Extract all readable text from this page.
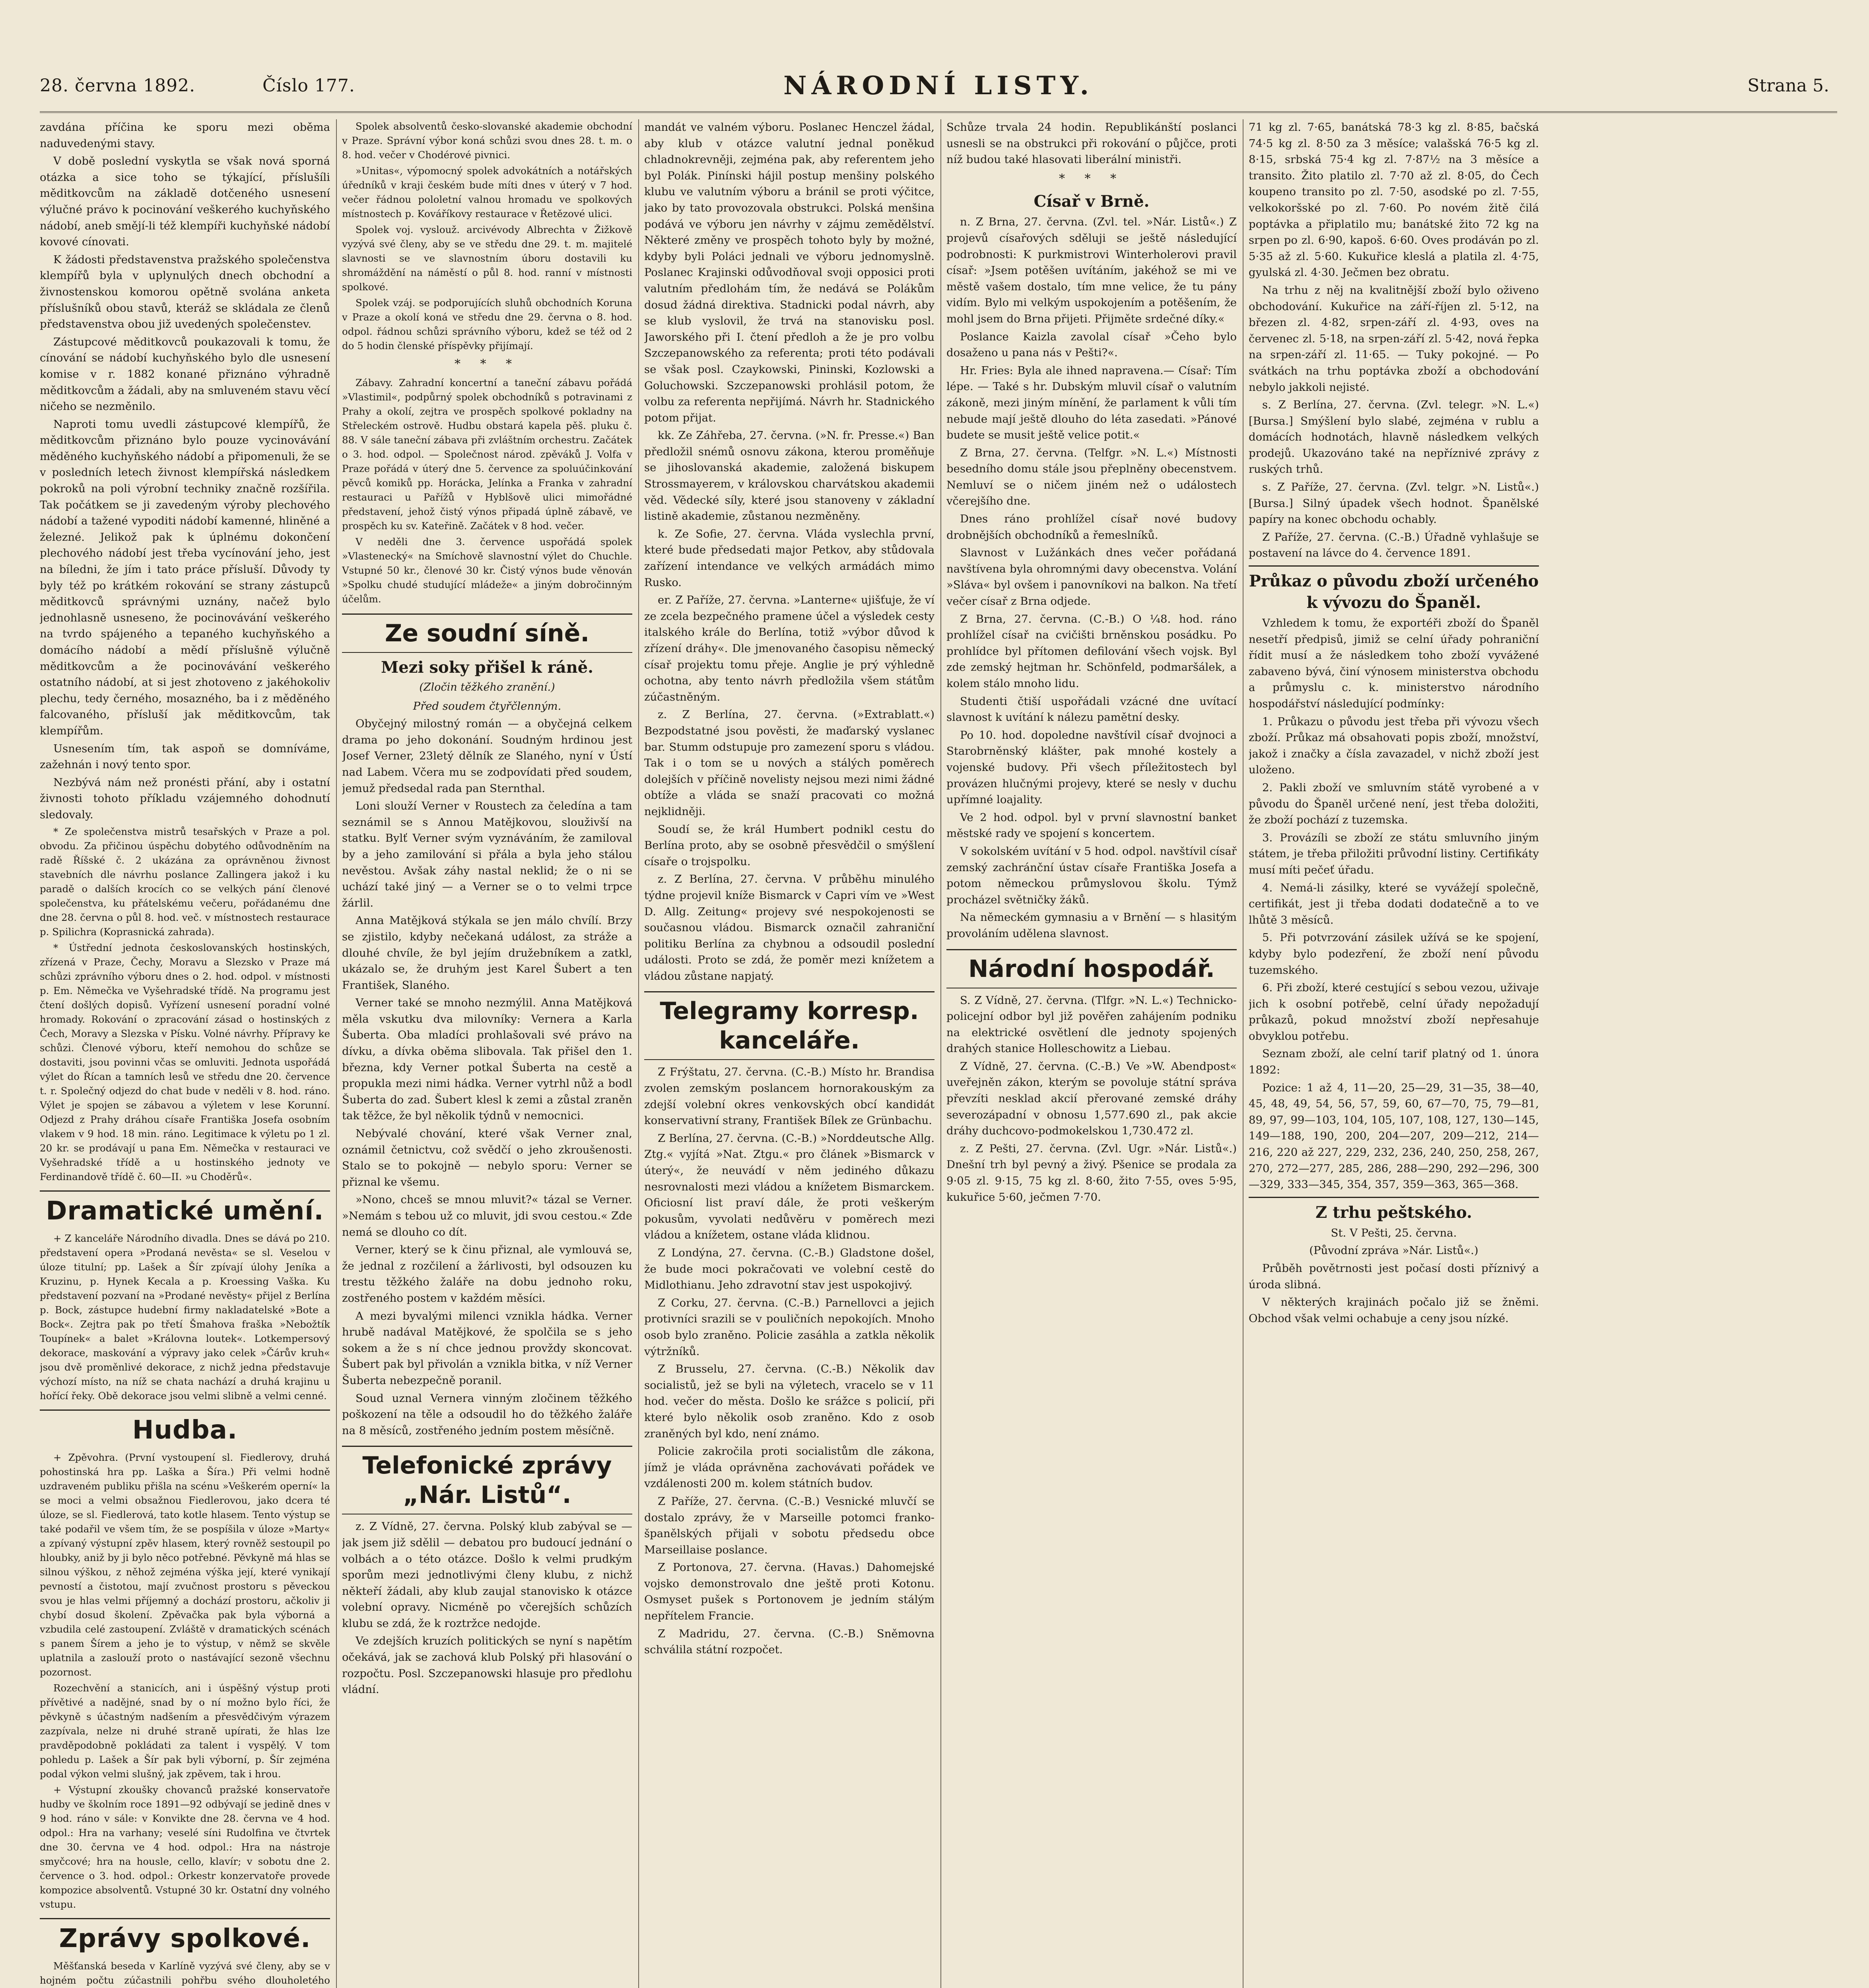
28. června 1892.	Číslo 177.	NÁRODNÍ LISTY.	Strana 5.

zavdána příčina ke sporu mezi oběma naduvedenými stavy.

V době poslední vyskytla se však nová sporná otázka a sice toho se týkající, příslušíli měditkovcům na základě dotčeného usnesení výlučné právo k pocinování veškerého kuchyňského nádobí, aneb smějí-li též klempíři kuchyňské nádobí kovové cínovati.

K žádosti představenstva pražského společenstva klempířů byla v uplynulých dnech obchodní a živnostenskou komorou opětně svolána anketa příslušníků obou stavů, kteráž se skládala ze členů představenstva obou již uvedených společenstev.

Zástupcové měditkovců poukazovali k tomu, že cínování se nádobí kuchyňského bylo dle usnesení komise v r. 1882 konané přiznáno výhradně měditkovcům a žádali, aby na smluveném stavu věcí ničeho se nezměnilo.

Naproti tomu uvedli zástupcové klempířů, že měditkovcům přiznáno bylo pouze vycinovávání měděného kuchyňského nádobí a připomenuli, že se v posledních letech živnost klempířská následkem pokroků na poli výrobní techniky značně rozšířila. Tak počátkem se ji zavedeným výroby plechového nádobí a tažené vypoditi nádobí kamenné, hliněné a železné. Jelikož pak k úplnému dokončení plechového nádobí jest třeba vycínování jeho, jest na bíledni, že jím i tato práce přísluší. Důvody ty byly též po krátkém rokování se strany zástupců měditkovců správnými uznány, načež bylo jednohlasně usneseno, že pocinovávání veškerého na tvrdo spájeného a tepaného kuchyňského a domácího nádobí a mědí příslušně výlučně měditkovcům a že pocinovávání veškerého ostatního nádobí, at si jest zhotoveno z jakéhokoliv plechu, tedy černého, mosazného, ba i z měděného falcovaného, přísluší jak měditkovcům, tak klempířům.

Usnesením tím, tak aspoň se domníváme, zažehnán i nový tento spor.

Nezbývá nám než pronésti přání, aby i ostatní živnosti tohoto příkladu vzájemného dohodnutí sledovaly.

* Ze společenstva mistrů tesařských v Praze a pol. obvodu. Za přičinou úspěchu dobytého odůvodněním na radě Říšské č. 2 ukázána za oprávněnou živnost stavebních dle návrhu poslance Zallingera jakož i ku paradě o dalších krocích co se velkých pání členové společenstva, ku přátelskému večeru, pořádanému dne dne 28. června o půl 8. hod. več. v místnostech restaurace p. Spilichra (Koprasnická zahrada).

* Ústřední jednota českoslovanských hostinských, zřízená v Praze, Čechy, Moravu a Slezsko v Praze má schůzi zprávního výboru dnes o 2. hod. odpol. v místnosti p. Em. Němečka ve Vyšehradské třídě. Na programu jest čtení došlých dopisů. Vyřízení usnesení poradní volné hromady. Rokování o zpracování zásad o hostinských z Čech, Moravy a Slezska v Písku. Volné návrhy. Přípravy ke schůzi. Členové výboru, kteří nemohou do schůze se dostaviti, jsou povinni včas se omluviti. Jednota uspořádá výlet do Řícan a tamních lesů ve středu dne 20. července t. r. Společný odjezd do chat bude v neděli v 8. hod. ráno. Výlet je spojen se zábavou a výletem v lese Korunní. Odjezd z Prahy dráhou císaře Františka Josefa osobním vlakem v 9 hod. 18 min. ráno. Legitimace k výletu po 1 zl. 20 kr. se prodávají u pana Em. Němečka v restauraci ve Vyšehradské třídě a u hostinského jednoty ve Ferdinandově třídě č. 60—II. »u Choděrů«.

Dramatické umění.

+ Z kanceláře Národního divadla. Dnes se dává po 210. představení opera »Prodaná nevěsta« se sl. Veselou v úloze titulní; pp. Lašek a Šír zpívají úlohy Jeníka a Kruzinu, p. Hynek Kecala a p. Kroessing Vaška. Ku představení pozvaní na »Prodané nevěsty« přijel z Berlína p. Bock, zástupce hudební firmy nakladatelské »Bote a Bock«. Zejtra pak po třetí Šmahova fraška »Nebožtík Toupínek« a balet »Královna loutek«. Lotkempersový dekorace, maskování a výpravy jako celek »Čárův kruh« jsou dvě proměnlivé dekorace, z nichž jedna představuje výchozí místo, na níž se chata nachází a druhá krajinu u hořící řeky. Obě dekorace jsou velmi slibně a velmi cenné.

Hudba.

+ Zpěvohra. (První vystoupení sl. Fiedlerovy, druhá pohostinská hra pp. Laška a Šíra.) Při velmi hodně uzdraveném publiku přišla na scénu »Veškerém operní« la se moci a velmi obsažnou Fiedlerovou, jako dcera té úloze, se sl. Fiedlerová, tato kotle hlasem. Tento výstup se také podařil ve všem tím, že se pospíšila v úloze »Marty« a zpívaný výstupní zpěv hlasem, který rovněž sestoupil po hloubky, aniž by ji bylo něco potřebné. Pěvkyně má hlas se silnou výškou, z něhož zejména výška její, které vynikají pevností a čistotou, mají zvučnost prostoru s pěveckou svou je hlas velmi příjemný a dochází prostoru, ačkoliv ji chybí dosud školení. Zpěvačka pak byla výborná a vzbudila celé zastoupení. Zvláště v dramatických scénách s panem Šírem a jeho je to výstup, v němž se skvěle uplatnila a zaslouží proto o nastávající sezoně všechnu pozornost.

Rozechvění a stanicích, ani i úspěšný výstup proti přívětivé a nadějné, snad by o ní možno bylo říci, že pěvkyně s účastným nadšením a přesvědčivým výrazem zazpívala, nelze ni druhé straně upírati, že hlas lze pravděpodobně pokládati za talent i vyspělý. V tom pohledu p. Lašek a Šír pak byli výborní, p. Šír zejména podal výkon velmi slušný, jak zpěvem, tak i hrou.

+ Výstupní zkoušky chovanců pražské konservatoře hudby ve školním roce 1891—92 odbývají se jedině dnes v 9 hod. ráno v sále: v Konvikte dne 28. června ve 4 hod. odpol.: Hra na varhany; veselé síni Rudolfina ve čtvrtek dne 30. června ve 4 hod. odpol.: Hra na nástroje smyčcové; hra na housle, cello, klavír; v sobotu dne 2. července o 3. hod. odpol.: Orkestr konzervatoře provede kompozice absolventů. Vstupné 30 kr. Ostatní dny volného vstupu.

Zprávy spolkové.

Měšťanská beseda v Karlíně vyzývá své členy, aby se v hojném počtu zúčastnili pohřbu svého dlouholetého

Spolek absolventů česko-slovanské akademie obchodní v Praze. Správní výbor koná schůzi svou dnes 28. t. m. o 8. hod. večer v Chodérové pivnici.

»Unitas«, výpomocný spolek advokátních a notářských úředníků v kraji českém bude míti dnes v úterý v 7 hod. večer řádnou pololetní valnou hromadu ve spolkových místnostech p. Kováříkovy restaurace v Řetězové ulici.

Spolek voj. vyslouž. arcivévody Albrechta v Žižkově vyzývá své členy, aby se ve středu dne 29. t. m. majitelé slavnosti se ve slavnostním úboru dostavili ku shromáždění na náměstí o půl 8. hod. ranní v místnosti spolkové.

Spolek vzáj. se podporujících sluhů obchodních Koruna v Praze a okolí koná ve středu dne 29. června o 8. hod. odpol. řádnou schůzi správního výboru, kdež se též od 2 do 5 hodin členské příspěvky přijímají.

* * *

Zábavy. Zahradní koncertní a taneční zábavu pořádá »Vlastimil«, podpůrný spolek obchodníků s potravinami z Prahy a okolí, zejtra ve prospěch spolkové pokladny na Střeleckém ostrově. Hudbu obstará kapela pěš. pluku č. 88. V sále taneční zábava při zvláštním orchestru. Začátek o 3. hod. odpol. — Společnost národ. zpěváků J. Volfa v Praze pořádá v úterý dne 5. července za spoluúčinkování pěvců komiků pp. Horácka, Jelínka a Franka v zahradní restauraci u Pařížů v Hyblšově ulici mimořádné představení, jehož čistý výnos připadá úplně zábavě, ve prospěch ku sv. Kateřině. Začátek v 8 hod. večer.

V neděli dne 3. července uspořádá spolek »Vlastenecký« na Smíchově slavnostní výlet do Chuchle. Vstupné 50 kr., členové 30 kr. Čistý výnos bude věnován »Spolku chudé studující mládeže« a jiným dobročinným účelům.

Ze soudní síně.
Mezi soky přišel k ráně.
(Zločin těžkého zranění.)

Před soudem čtyřčlenným.

Obyčejný milostný román — a obyčejná celkem drama po jeho dokonání. Soudným hrdinou jest Josef Verner, 23letý dělník ze Slaného, nyní v Ústí nad Labem. Včera mu se zodpovídati před soudem, jemuž předsedal rada pan Sternthal.

Loni slouží Verner v Roustech za čeledína a tam seznámil se s Annou Matějkovou, slouživší na statku. Bylť Verner svým vyznáváním, že zamiloval by a jeho zamilování si přála a byla jeho stálou nevěstou. Avšak záhy nastal neklid; že o ni se uchází také jiný — a Verner se o to velmi trpce žárlil.

Anna Matějková stýkala se jen málo chvílí. Brzy se zjistilo, kdyby nečekaná událost, za stráže a dlouhé chvíle, že byl jejím družebníkem a zatkl, ukázalo se, že druhým jest Karel Šubert a ten František, Slaného.

Verner také se mnoho nezmýlil. Anna Matějková měla vskutku dva milovníky: Vernera a Karla Šuberta. Oba mladíci prohlašovali své právo na dívku, a dívka oběma slibovala. Tak přišel den 1. března, kdy Verner potkal Šuberta na cestě a propukla mezi nimi hádka. Verner vytrhl nůž a bodl Šuberta do zad. Šubert klesl k zemi a zůstal zraněn tak těžce, že byl několik týdnů v nemocnici.

Nebývalé chování, které však Verner znal, oznámil četnictvu, což svědčí o jeho zkroušenosti. Stalo se to pokojně — nebylo sporu: Verner se přiznal ke všemu.

»Nono, chceš se mnou mluvit?« tázal se Verner. »Nemám s tebou už co mluvit, jdi svou cestou.« Zde nemá se dlouho co dít.

Verner, který se k činu přiznal, ale vymlouvá se, že jednal z rozčilení a žárlivosti, byl odsouzen ku trestu těžkého žaláře na dobu jednoho roku, zostřeného postem v každém měsíci.

A mezi byvalými milenci vznikla hádka. Verner hrubě nadával Matějkové, že spolčila se s jeho sokem a že s ní chce jednou provždy skoncovat. Šubert pak byl přivolán a vznikla bitka, v níž Verner Šuberta nebezpečně poranil.

Soud uznal Vernera vinným zločinem těžkého poškození na těle a odsoudil ho do těžkého žaláře na 8 měsíců, zostřeného jedním postem měsíčně.

Telefonické zprávy „Nár. Listů“.

z. Z Vídně, 27. června. Polský klub zabýval se — jak jsem již sdělil — debatou pro budoucí jednání o volbách a o této otázce. Došlo k velmi prudkým sporům mezi jednotlivými členy klubu, z nichž někteří žádali, aby klub zaujal stanovisko k otázce volební opravy. Nicméně po včerejších schůzích klubu se zdá, že k roztržce nedojde.

Ve zdejších kruzích politických se nyní s napětím očekává, jak se zachová klub Polský při hlasování o rozpočtu. Posl. Szczepanowski hlasuje pro předlohu vládní.

mandát ve valném výboru. Poslanec Henczel žádal, aby klub v otázce valutní jednal poněkud chladnokrevněji, zejména pak, aby referentem jeho byl Polák. Pinínski hájil postup menšiny polského klubu ve valutním výboru a bránil se proti výčitce, jako by tato provozovala obstrukci. Polská menšina podává ve výboru jen návrhy v zájmu zemědělství. Některé změny ve prospěch tohoto byly by možné, kdyby byli Poláci jednali ve výboru jednomyslně. Poslanec Krajinski odůvodňoval svoji opposici proti valutním předlohám tím, že nedává se Polákům dosud žádná direktiva. Stadnicki podal návrh, aby se klub vyslovil, že trvá na stanovisku posl. Jaworského při I. čtení předloh a že je pro volbu Szczepanowského za referenta; proti této podávali se však posl. Czaykowski, Pininski, Kozlowski a Goluchowski. Szczepanowski prohlásil potom, že volbu za referenta nepřijímá. Návrh hr. Stadnického potom přijat.

kk. Ze Záhřeba, 27. června. (»N. fr. Presse.«) Ban předložil snémů osnovu zákona, kterou proměňuje se jihoslovanská akademie, založená biskupem Strossmayerem, v královskou charvátskou akademii věd. Vědecké síly, které jsou stanoveny v základní listině akademie, zůstanou nezměněny.

k. Ze Sofie, 27. června. Vláda vyslechla první, které bude předsedati major Petkov, aby stůdovala zařízení intendance ve velkých armádách mimo Rusko.

er. Z Paříže, 27. června. »Lanterne« ujišťuje, že ví ze zcela bezpečného pramene účel a výsledek cesty italského krále do Berlína, totiž »výbor důvod k zřízení dráhy«. Dle jmenovaného časopisu německý císař projektu tomu přeje. Anglie je prý výhledně ochotna, aby tento návrh předložila všem státům zúčastněným.

z. Z Berlína, 27. června. (»Extrablatt.«) Bezpodstatné jsou pověsti, že maďarský vyslanec bar. Stumm odstupuje pro zamezení sporu s vládou. Tak i o tom se u nových a stálých poměrech dolejších v příčině novelisty nejsou mezi nimi žádné obtíže a vláda se snaží pracovati co možná nejklidněji.

Soudí se, že král Humbert podnikl cestu do Berlína proto, aby se osobně přesvědčil o smýšlení císaře o trojspolku.

z. Z Berlína, 27. června. V průběhu minulého týdne projevil kníže Bismarck v Capri vím ve »West D. Allg. Zeitung« projevy své nespokojenosti se současnou vládou. Bismarck označil zahraniční politiku Berlína za chybnou a odsoudil poslední události. Proto se zdá, že poměr mezi knížetem a vládou zůstane napjatý.

Telegramy korresp. kanceláře.

Z Frýštatu, 27. června. (C.-B.) Místo hr. Brandisa zvolen zemským poslancem hornorakouským za zdejší volební okres venkovských obcí kandidát konservativní strany, František Bílek ze Grünbachu.

Z Berlína, 27. června. (C.-B.) »Norddeutsche Allg. Ztg.« vyjítá »Nat. Ztgu.« pro článek »Bismarck v úterý«, že neuvádí v něm jediného důkazu nesrovnalosti mezi vládou a knížetem Bismarckem. Oficiosní list praví dále, že proti veškerým pokusům, vyvolati nedůvěru v poměrech mezi vládou a knížetem, ostane vláda klidnou.

Z Londýna, 27. června. (C.-B.) Gladstone došel, že bude moci pokračovati ve volební cestě do Midlothianu. Jeho zdravotní stav jest uspokojivý.

Z Corku, 27. června. (C.-B.) Parnellovci a jejich protivníci srazili se v pouličních nepokojích. Mnoho osob bylo zraněno. Policie zasáhla a zatkla několik výtržníků.

Z Brusselu, 27. června. (C.-B.) Několik dav socialistů, jež se byli na výletech, vracelo se v 11 hod. večer do města. Došlo ke srážce s policií, při které bylo několik osob zraněno. Kdo z osob zraněných byl kdo, není známo.

Policie zakročila proti socialistům dle zákona, jímž je vláda oprávněna zachovávati pořádek ve vzdálenosti 200 m. kolem státních budov.

Z Paříže, 27. června. (C.-B.) Vesnické mluvčí se dostalo zprávy, že v Marseille potomci franko-španělských přijali v sobotu předsedu obce Marseillaise poslance.

Z Portonova, 27. června. (Havas.) Dahomejské vojsko demonstrovalo dne ještě proti Kotonu. Osmyset pušek s Portonovem je jedním stálým nepřítelem Francie.

Z Madridu, 27. června. (C.-B.) Sněmovna schválila státní rozpočet.

Schůze trvala 24 hodin. Republikánští poslanci usnesli se na obstrukci při rokování o půjčce, proti níž budou také hlasovati liberální ministři.

* * *
Císař v Brně.

n. Z Brna, 27. června. (Zvl. tel. »Nár. Listů«.) Z projevů císařových sděluji se ještě následující podrobnosti: K purkmistrovi Winterholerovi pravil císař: »Jsem potěšen uvítáním, jakéhož se mi ve městě vašem dostalo, tím mne velice, že tu pány vidím. Bylo mi velkým uspokojením a potěšením, že mohl jsem do Brna přijeti. Přijměte srdečné díky.«

Poslance Kaizla zavolal císař »Čeho bylo dosaženo u pana nás v Pešti?«.

Hr. Fries: Byla ale ihned napravena.— Císař: Tím lépe. — Také s hr. Dubským mluvil císař o valutním zákoně, mezi jiným mínění, že parlament k vůli tím nebude mají ještě dlouho do léta zasedati. »Pánové budete se musit ještě velice potit.«

Z Brna, 27. června. (Telfgr. »N. L.«) Místnosti besedního domu stále jsou přeplněny obecenstvem. Nemluví se o ničem jiném než o událostech včerejšího dne.

Dnes ráno prohlížel císař nové budovy drobnějších obchodníků a řemeslníků.

Slavnost v Lužánkách dnes večer pořádaná navštívena byla ohromnými davy obecenstva. Volání »Sláva« byl ovšem i panovníkovi na balkon. Na třetí večer císař z Brna odjede.

Z Brna, 27. června. (C.-B.) O ¼8. hod. ráno prohlížel císař na cvičišti brněnskou posádku. Po prohlídce byl přítomen defilování všech vojsk. Byl zde zemský hejtman hr. Schönfeld, podmaršálek, a kolem stálo mnoho lidu.

Studenti čtiší uspořádali vzácné dne uvítací slavnost k uvítání k nálezu pamětní desky.

Po 10. hod. dopoledne navštívil císař dvojnoci a Starobrněnský klášter, pak mnohé kostely a vojenské budovy. Při všech příležitostech byl provázen hlučnými projevy, které se nesly v duchu upřímné loajality.

Ve 2 hod. odpol. byl v první slavnostní banket městské rady ve spojení s koncertem.

V sokolském uvítání v 5 hod. odpol. navštívil císař zemský zachránční ústav císaře Františka Josefa a potom německou průmyslovou školu. Týmž procházel světničky žáků.

Na německém gymnasiu a v Brnění — s hlasitým provoláním udělena slavnost.

Národní hospodář.

S. Z Vídně, 27. června. (Tlfgr. »N. L.«) Technicko-policejní odbor byl již pověřen zahájením podniku na elektrické osvětlení dle jednoty spojených drahých stanice Holleschowitz a Liebau.

Z Vídně, 27. června. (C.-B.) Ve »W. Abendpost« uveřejněn zákon, kterým se povoluje státní správa převzíti nesklad akcií přerované zemské dráhy severozápadní v obnosu 1,577.690 zl., pak akcie dráhy duchcovo-podmokelskou 1,730.472 zl.

z. Z Pešti, 27. června. (Zvl. Ugr. »Nár. Listů«.) Dnešní trh byl pevný a živý. Pšenice se prodala za 9·05 zl. 9·15, 75 kg zl. 8·60, žito 7·55, oves 5·95, kukuřice 5·60, ječmen 7·70.

71 kg zl. 7·65, banátská 78·3 kg zl. 8·85, bačská 74·5 kg zl. 8·50 za 3 měsíce; valašská 76·5 kg zl. 8·15, srbská 75·4 kg zl. 7·87½ na 3 měsíce a transito. Žito platilo zl. 7·70 až zl. 8·05, do Čech koupeno transito po zl. 7·50, asodské po zl. 7·55, velkokoršské po zl. 7·60. Po novém žitě čilá poptávka a připlatilo mu; banátské žito 72 kg na srpen po zl. 6·90, kapoš. 6·60. Oves prodáván po zl. 5·35 až zl. 5·60. Kukuřice kleslá a platila zl. 4·75, gyulská zl. 4·30. Ječmen bez obratu.

Na trhu z něj na kvalitnější zboží bylo oživeno obchodování. Kukuřice na září-říjen zl. 5·12, na březen zl. 4·82, srpen-září zl. 4·93, oves na červenec zl. 5·18, na srpen-září zl. 5·42, nová řepka na srpen-září zl. 11·65. — Tuky pokojné. — Po svátkách na trhu poptávka zboží a obchodování nebylo jakkoli nejisté.

s. Z Berlína, 27. června. (Zvl. telegr. »N. L.«) [Bursa.] Smýšlení bylo slabé, zejména v rublu a domácích hodnotách, hlavně následkem velkých prodejů. Ukazováno také na nepříznivé zprávy z ruských trhů.

s. Z Paříže, 27. června. (Zvl. telgr. »N. Listů«.) [Bursa.] Silný úpadek všech hodnot. Španělské papíry na konec obchodu ochably.

Z Paříže, 27. června. (C.-B.) Úřadně vyhlašuje se postavení na lávce do 4. července 1891.

Průkaz o původu zboží určeného k vývozu do Španěl.

Vzhledem k tomu, že exportéři zboží do Španěl nesetří předpisů, jimiž se celní úřady pohraniční řídit musí a že následkem toho zboží vyvážené zabaveno bývá, činí výnosem ministerstva obchodu a průmyslu c. k. ministerstvo národního hospodářství následující podmínky:

1. Průkazu o původu jest třeba při vývozu všech zboží. Průkaz má obsahovati popis zboží, množství, jakož i značky a čísla zavazadel, v nichž zboží jest uloženo.

2. Pakli zboží ve smluvním státě vyrobené a v původu do Španěl určené není, jest třeba doložiti, že zboží pochází z tuzemska.

3. Provázíli se zboží ze státu smluvního jiným státem, je třeba přiložiti průvodní listiny. Certifikáty musí míti pečeť úřadu.

4. Nemá-li zásilky, které se vyvážejí společně, certifikát, jest ji třeba dodati dodatečně a to ve lhůtě 3 měsíců.

5. Při potvrzování zásilek užívá se ke spojení, kdyby bylo podezření, že zboží není původu tuzemského.

6. Při zboží, které cestující s sebou vezou, uživaje jich k osobní potřebě, celní úřady nepožadují průkazů, pokud množství zboží nepřesahuje obvyklou potřebu.

Seznam zboží, ale celní tarif platný od 1. února 1892:

Pozice: 1 až 4, 11—20, 25—29, 31—35, 38—40, 45, 48, 49, 54, 56, 57, 59, 60, 67—70, 75, 79—81, 89, 97, 99—103, 104, 105, 107, 108, 127, 130—145, 149—188, 190, 200, 204—207, 209—212, 214—216, 220 až 227, 229, 232, 236, 240, 250, 258, 267, 270, 272—277, 285, 286, 288—290, 292—296, 300—329, 333—345, 354, 357, 359—363, 365—368.

Z trhu peštského.

St. V Pešti, 25. června.

(Původní zpráva »Nár. Listů«.)

Průběh povětrnosti jest počasí dosti příznivý a úroda slibná.

V některých krajinách počalo již se žněmi. Obchod však velmi ochabuje a ceny jsou nízké.
